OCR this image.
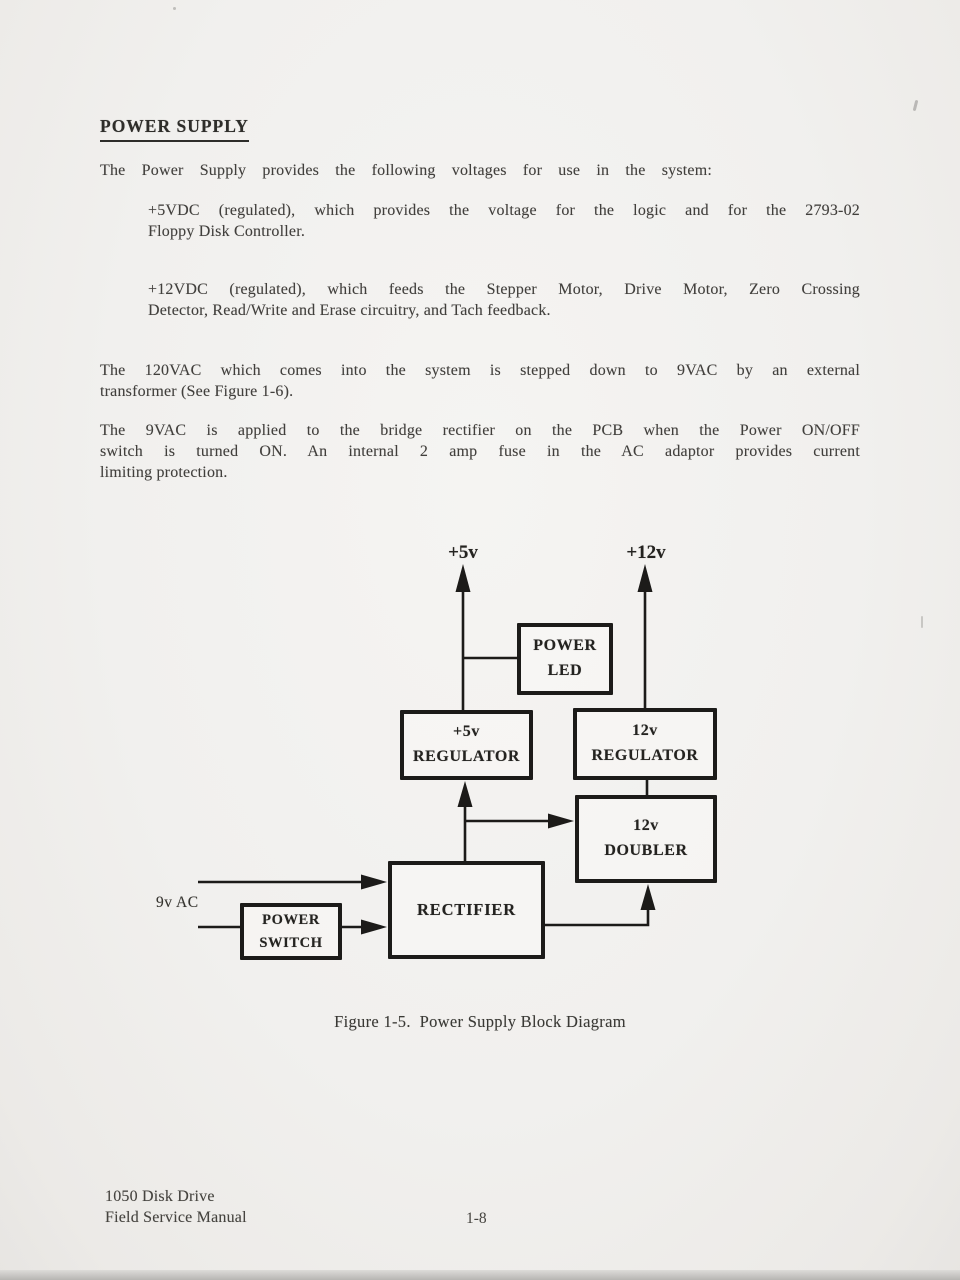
POWER SUPPLY
The Power Supply provides the following voltages for use in the system:
+5VDC (regulated), which provides the voltage for the logic and for the 2793-02
Floppy Disk Controller.
+12VDC (regulated), which feeds the Stepper Motor, Drive Motor, Zero Crossing
Detector, Read/Write and Erase circuitry, and Tach feedback.
The 120VAC which comes into the system is stepped down to 9VAC by an external
transformer (See Figure 1-6).
The 9VAC is applied to the bridge rectifier on the PCB when the Power ON/OFF
switch is turned ON. An internal 2 amp fuse in the AC adaptor provides current
limiting protection.
+5v	+12v
9v AC
POWER
LED
+5v
REGULATOR
12v
REGULATOR
12v
DOUBLER
RECTIFIER
POWER
SWITCH
Figure 1-5.  Power Supply Block Diagram
1050 Disk Drive
Field Service Manual	1-8
